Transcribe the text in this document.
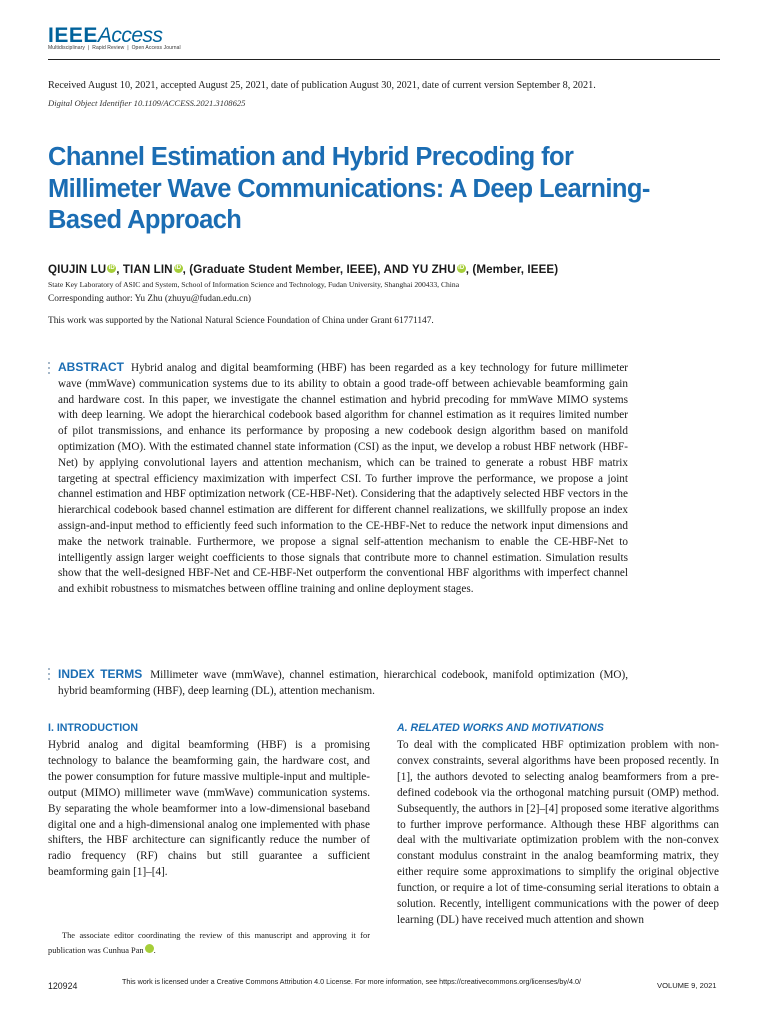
IEEEAccess
Multidisciplinary ❘ Rapid Review ❘ Open Access Journal
Received August 10, 2021, accepted August 25, 2021, date of publication August 30, 2021, date of current version September 8, 2021.
Digital Object Identifier 10.1109/ACCESS.2021.3108625
Channel Estimation and Hybrid Precoding for Millimeter Wave Communications: A Deep Learning-Based Approach
QIUJIN LU iD, TIAN LIN iD, (Graduate Student Member, IEEE), AND YU ZHU iD, (Member, IEEE)
State Key Laboratory of ASIC and System, School of Information Science and Technology, Fudan University, Shanghai 200433, China
Corresponding author: Yu Zhu (zhuyu@fudan.edu.cn)
This work was supported by the National Natural Science Foundation of China under Grant 61771147.
ABSTRACT Hybrid analog and digital beamforming (HBF) has been regarded as a key technology for future millimeter wave (mmWave) communication systems due to its ability to obtain a good trade-off between achievable beamforming gain and hardware cost. In this paper, we investigate the channel estimation and hybrid precoding for mmWave MIMO systems with deep learning. We adopt the hierarchical codebook based algorithm for channel estimation as it requires limited number of pilot transmissions, and enhance its performance by proposing a new codebook design algorithm based on manifold optimization (MO). With the estimated channel state information (CSI) as the input, we develop a robust HBF network (HBF-Net) by applying convolutional layers and attention mechanism, which can be trained to generate a robust HBF matrix targeting at spectral efficiency maximization with imperfect CSI. To further improve the performance, we propose a joint channel estimation and HBF optimization network (CE-HBF-Net). Considering that the adaptively selected HBF vectors in the hierarchical codebook based channel estimation are different for different channel realizations, we skillfully propose an index assign-and-input method to efficiently feed such information to the CE-HBF-Net to reduce the network input dimensions and make the network trainable. Furthermore, we propose a signal self-attention mechanism to enable the CE-HBF-Net to intelligently assign larger weight coefficients to those signals that contribute more to channel estimation. Simulation results show that the well-designed HBF-Net and CE-HBF-Net outperform the conventional HBF algorithms with imperfect channel and exhibit robustness to mismatches between offline training and online deployment stages.
INDEX TERMS Millimeter wave (mmWave), channel estimation, hierarchical codebook, manifold optimization (MO), hybrid beamforming (HBF), deep learning (DL), attention mechanism.
I. INTRODUCTION
Hybrid analog and digital beamforming (HBF) is a promising technology to balance the beamforming gain, the hardware cost, and the power consumption for future massive multiple-input and multiple-output (MIMO) millimeter wave (mmWave) communication systems. By separating the whole beamformer into a low-dimensional baseband digital one and a high-dimensional analog one implemented with phase shifters, the HBF architecture can significantly reduce the number of radio frequency (RF) chains but still guarantee a sufficient beamforming gain [1]–[4].
The associate editor coordinating the review of this manuscript and approving it for publication was Cunhua Pan	iD.
A. RELATED WORKS AND MOTIVATIONS
To deal with the complicated HBF optimization problem with non-convex constraints, several algorithms have been proposed recently. In [1], the authors devoted to selecting analog beamformers from a pre-defined codebook via the orthogonal matching pursuit (OMP) method. Subsequently, the authors in [2]–[4] proposed some iterative algorithms to further improve performance. Although these HBF algorithms can deal with the multivariate optimization problem with the non-convex constant modulus constraint in the analog beamforming matrix, they either require some approximations to simplify the original objective function, or require a lot of time-consuming serial iterations to obtain a solution. Recently, intelligent communications with the power of deep learning (DL) have received much attention and shown
120924	This work is licensed under a Creative Commons Attribution 4.0 License. For more information, see https://creativecommons.org/licenses/by/4.0/	VOLUME 9, 2021
